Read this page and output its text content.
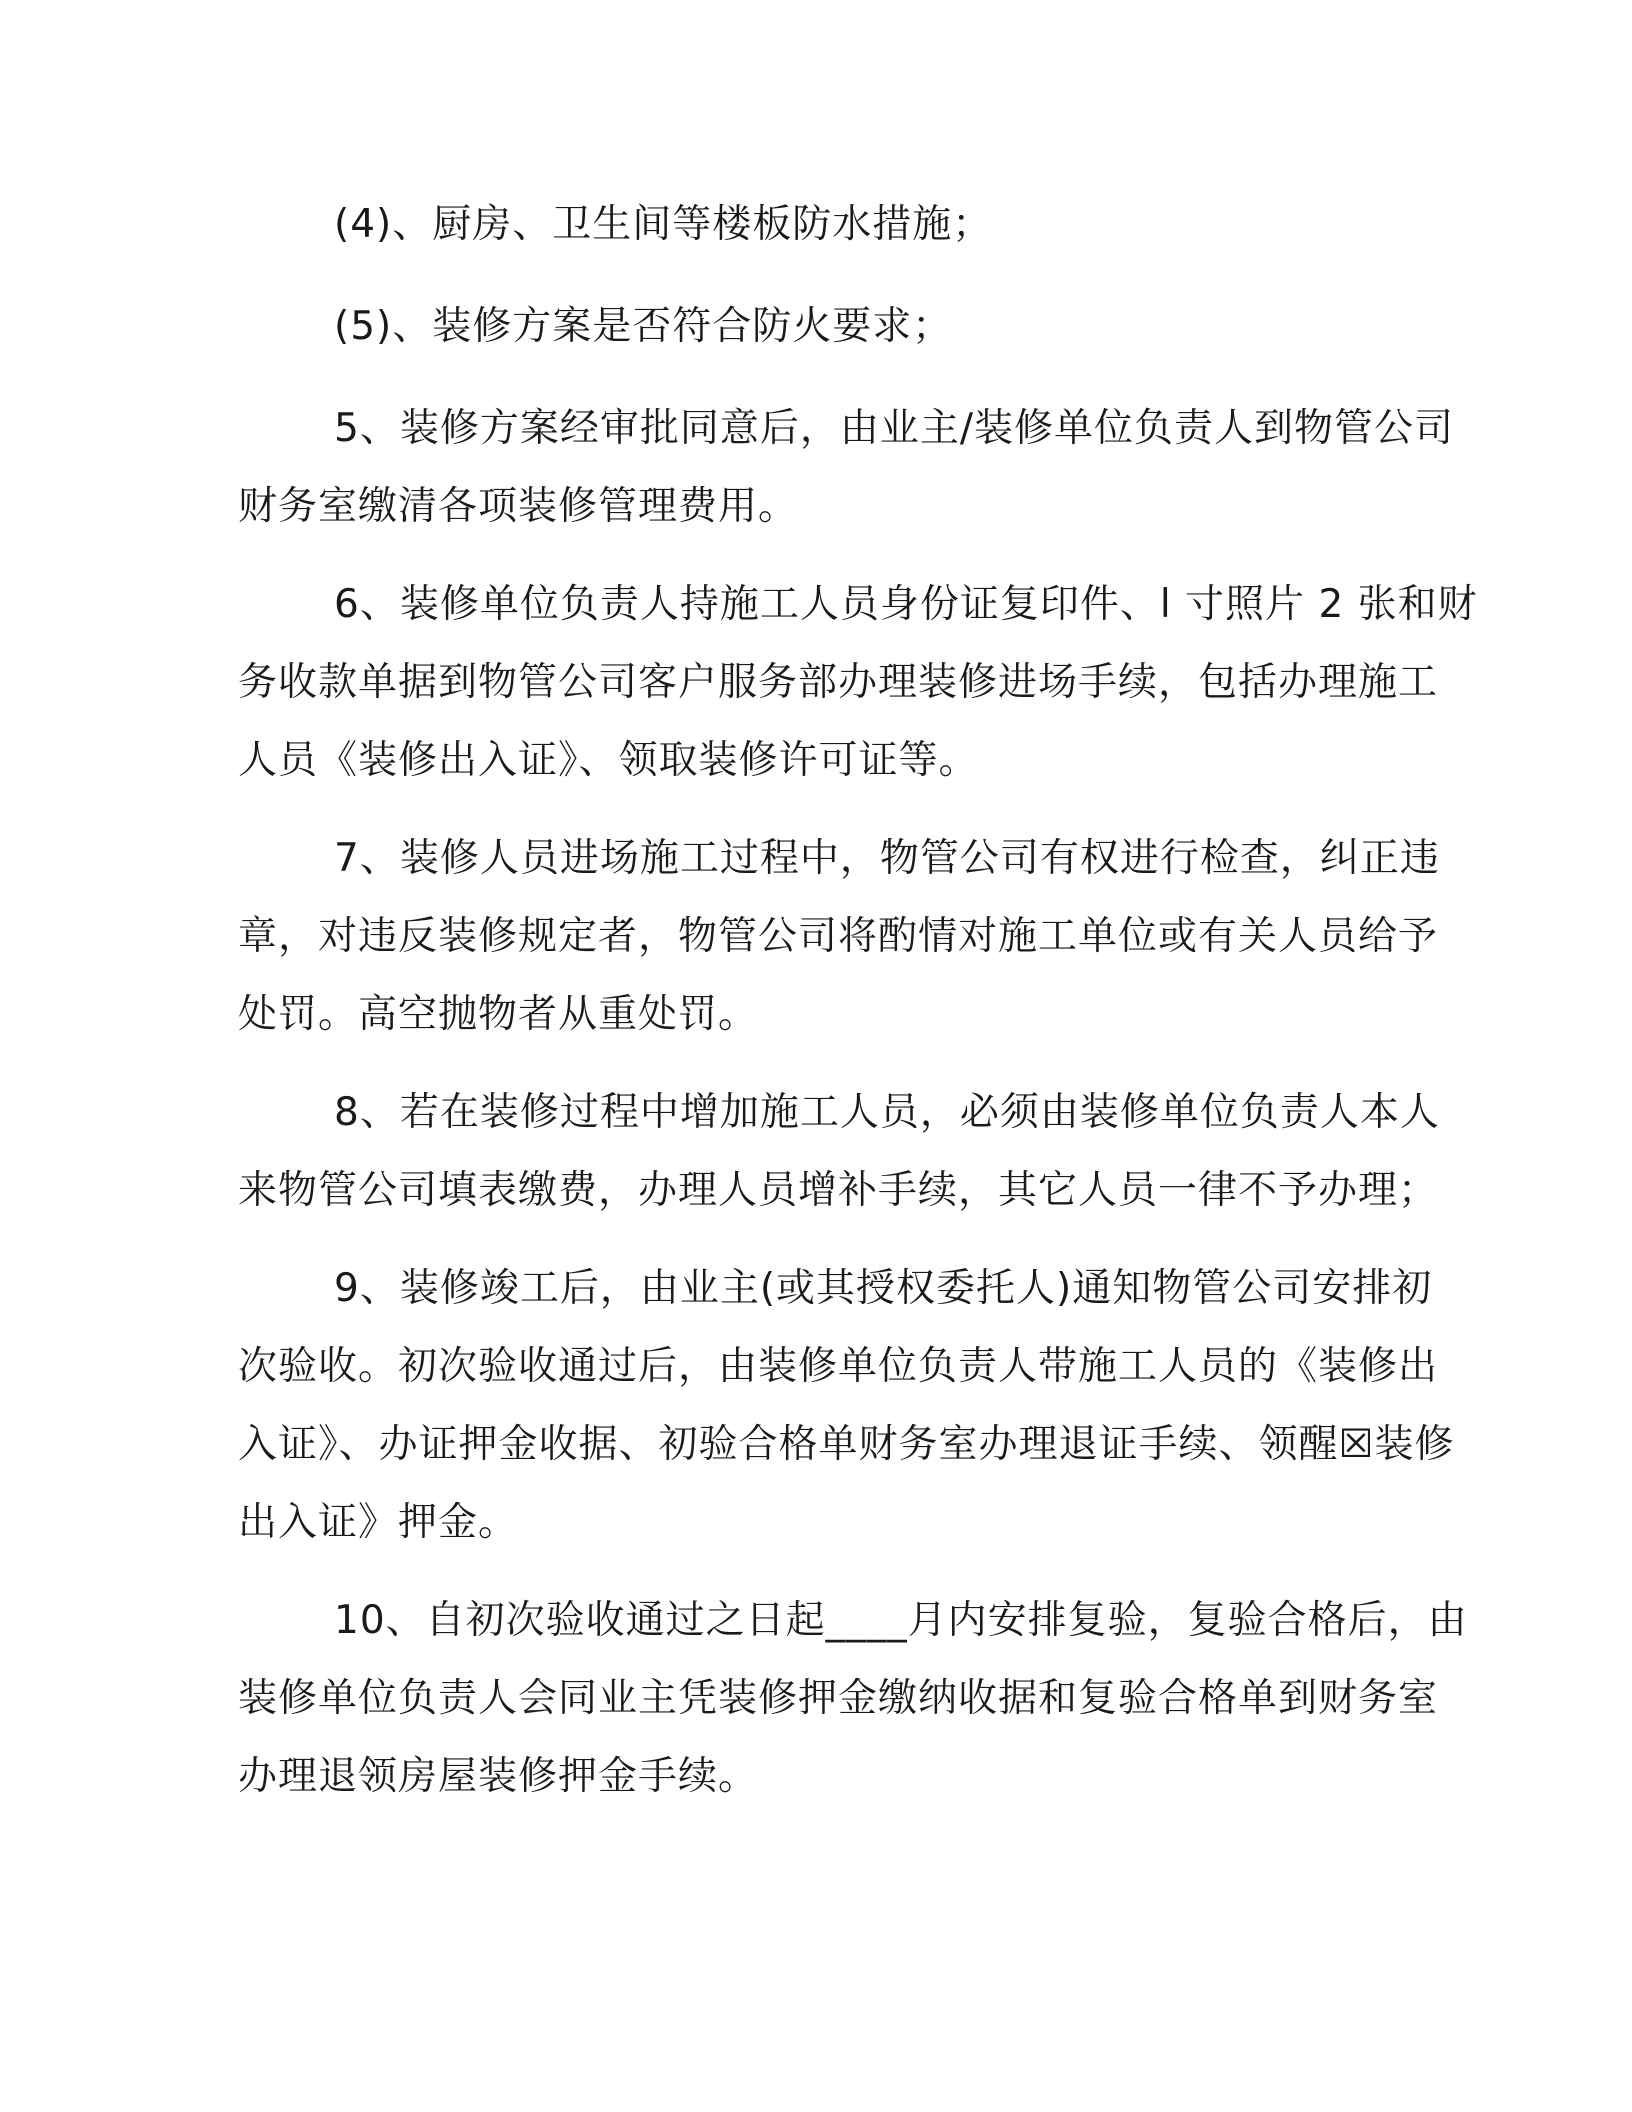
(4)、厨房、卫生间等楼板防水措施；

(5)、装修方案是否符合防火要求；

5、装修方案经审批同意后，由业主/装修单位负责人到物管公司
财务室缴清各项装修管理费用。

6、装修单位负责人持施工人员身份证复印件、l 寸照片 2 张和财
务收款单据到物管公司客户服务部办理装修进场手续，包括办理施工
人员《装修出入证》、领取装修许可证等。

7、装修人员进场施工过程中，物管公司有权进行检查，纠正违
章，对违反装修规定者，物管公司将酌情对施工单位或有关人员给予
处罚。高空抛物者从重处罚。

8、若在装修过程中增加施工人员，必须由装修单位负责人本人
来物管公司填表缴费，办理人员增补手续，其它人员一律不予办理；

9、装修竣工后，由业主(或其授权委托人)通知物管公司安排初
次验收。初次验收通过后，由装修单位负责人带施工人员的《装修出
入证》、办证押金收据、初验合格单财务室办理退证手续、领醒☒装修
出入证》押金。

10、自初次验收通过之日起____月内安排复验，复验合格后，由
装修单位负责人会同业主凭装修押金缴纳收据和复验合格单到财务室
办理退领房屋装修押金手续。
